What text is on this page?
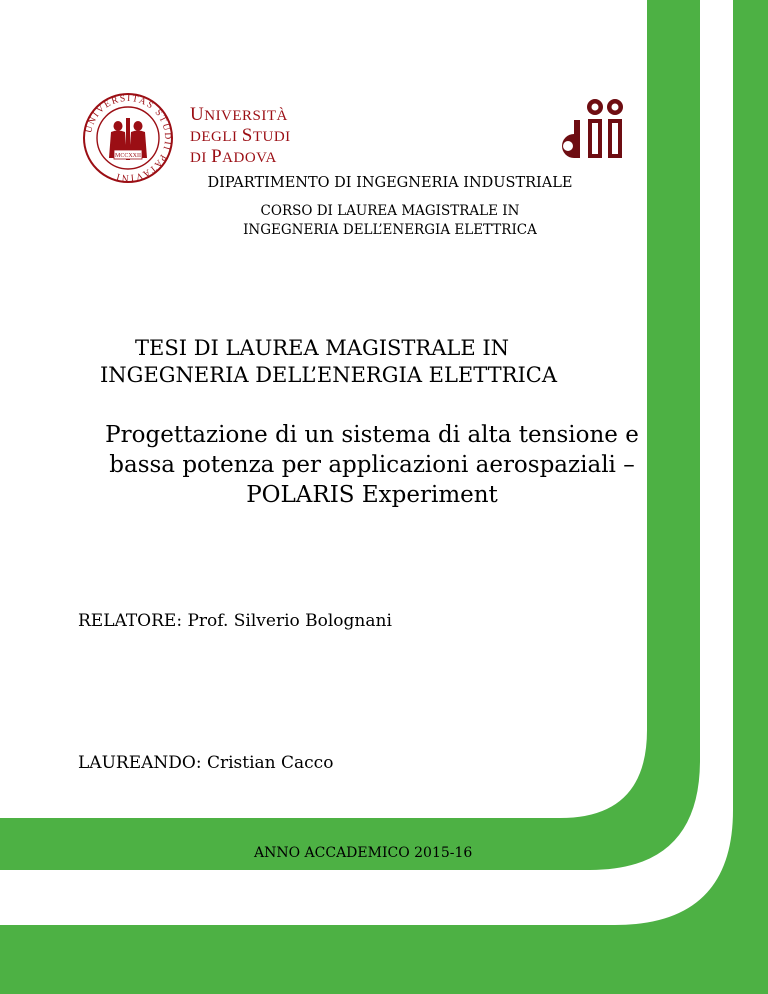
UNIVERSITAS STUDII PATAVINI
MCCXXII
UNIVERSITÀ
DEGLI STUDI
DI PADOVA
DIPARTIMENTO DI INGEGNERIA INDUSTRIALE
CORSO DI LAUREA MAGISTRALE IN
INGEGNERIA DELL’ENERGIA ELETTRICA
TESI DI LAUREA MAGISTRALE IN
INGEGNERIA DELL’ENERGIA ELETTRICA
Progettazione di un sistema di alta tensione e
bassa potenza per applicazioni aerospaziali –
POLARIS Experiment
RELATORE: Prof. Silverio Bolognani
LAUREANDO: Cristian Cacco
ANNO ACCADEMICO 2015-16
